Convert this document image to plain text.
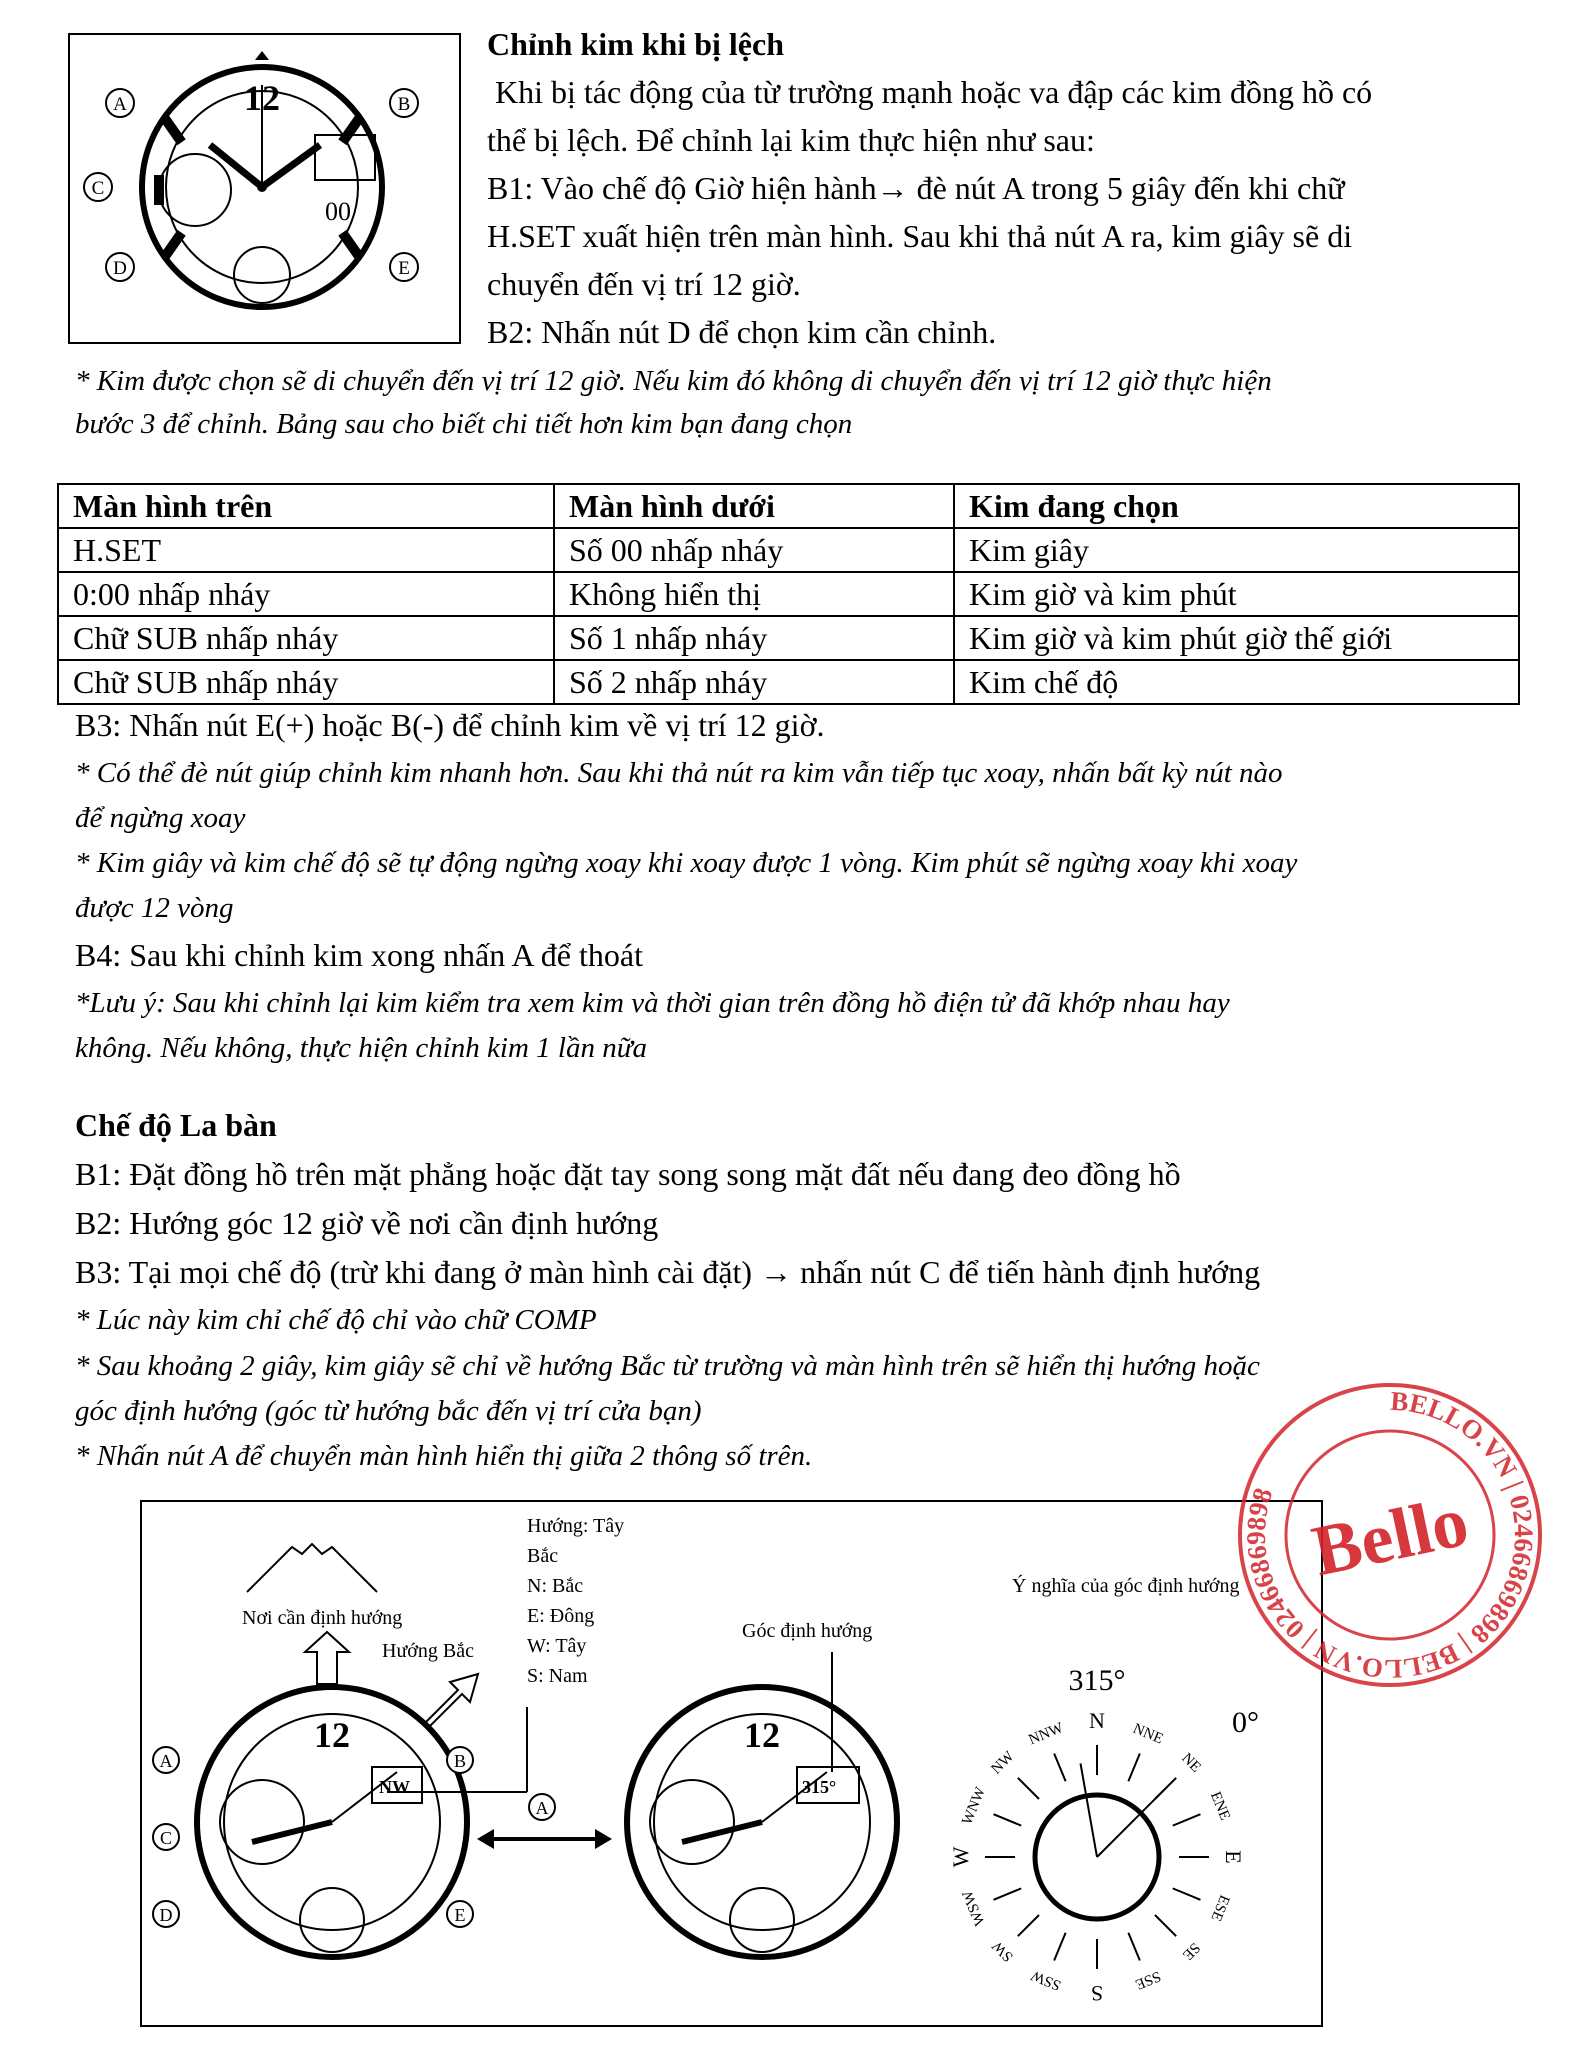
12
00
A	B
C
D	E
Chỉnh kim khi bị lệch
Khi bị tác động của từ trường mạnh hoặc va đập các kim đồng hồ có
thể bị lệch. Để chỉnh lại kim thực hiện như sau:
B1: Vào chế độ Giờ hiện hành→ đè nút A trong 5 giây đến khi chữ
H.SET xuất hiện trên màn hình. Sau khi thả nút A ra, kim giây sẽ di
chuyển đến vị trí 12 giờ.
B2: Nhấn nút D để chọn kim cần chỉnh.
* Kim được chọn sẽ di chuyển đến vị trí 12 giờ. Nếu kim đó không di chuyển đến vị trí 12 giờ thực hiện
bước 3 để chỉnh. Bảng sau cho biết chi tiết hơn kim bạn đang chọn
Màn hình trên	Màn hình dưới	Kim đang chọn
H.SET	Số 00 nhấp nháy	Kim giây
0:00 nhấp nháy	Không hiển thị	Kim giờ và kim phút
Chữ SUB nhấp nháy	Số 1 nhấp nháy	Kim giờ và kim phút giờ thế giới
Chữ SUB nhấp nháy	Số 2 nhấp nháy	Kim chế độ
B3: Nhấn nút E(+) hoặc B(-) để chỉnh kim về vị trí 12 giờ.
* Có thể đè nút giúp chỉnh kim nhanh hơn. Sau khi thả nút ra kim vẫn tiếp tục xoay, nhấn bất kỳ nút nào
để ngừng xoay
* Kim giây và kim chế độ sẽ tự động ngừng xoay khi xoay được 1 vòng. Kim phút sẽ ngừng xoay khi xoay
được 12 vòng
B4: Sau khi chỉnh kim xong nhấn A để thoát
*Lưu ý: Sau khi chỉnh lại kim kiểm tra xem kim và thời gian trên đồng hồ điện tử đã khớp nhau hay
không. Nếu không, thực hiện chỉnh kim 1 lần nữa
Chế độ La bàn
B1: Đặt đồng hồ trên mặt phẳng hoặc đặt tay song song mặt đất nếu đang đeo đồng hồ
B2: Hướng góc 12 giờ về nơi cần định hướng
B3: Tại mọi chế độ (trừ khi đang ở màn hình cài đặt) → nhấn nút C để tiến hành định hướng
* Lúc này kim chỉ chế độ chỉ vào chữ COMP
* Sau khoảng 2 giây, kim giây sẽ chỉ về hướng Bắc từ trường và màn hình trên sẽ hiển thị hướng hoặc
góc định hướng (góc từ hướng bắc đến vị trí cửa bạn)
* Nhấn nút A để chuyển màn hình hiển thị giữa 2 thông số trên.
Nơi cần định hướng
Hướng Bắc
Hướng: Tây
Bắc
N: Bắc
E: Đông
W: Tây
S: Nam
12
NW
A	B
C
D	E
A
12
315°
Góc định hướng
Ý nghĩa của góc định hướng
315°
0°
N
NNE
NE
ENE
E
ESE
SE
SSE
S
SSW
SW
WSW
W
WNW
NW
NNW
BELLO.VN | 02466869898 | BELLO.VN | 02466869898 Bello
